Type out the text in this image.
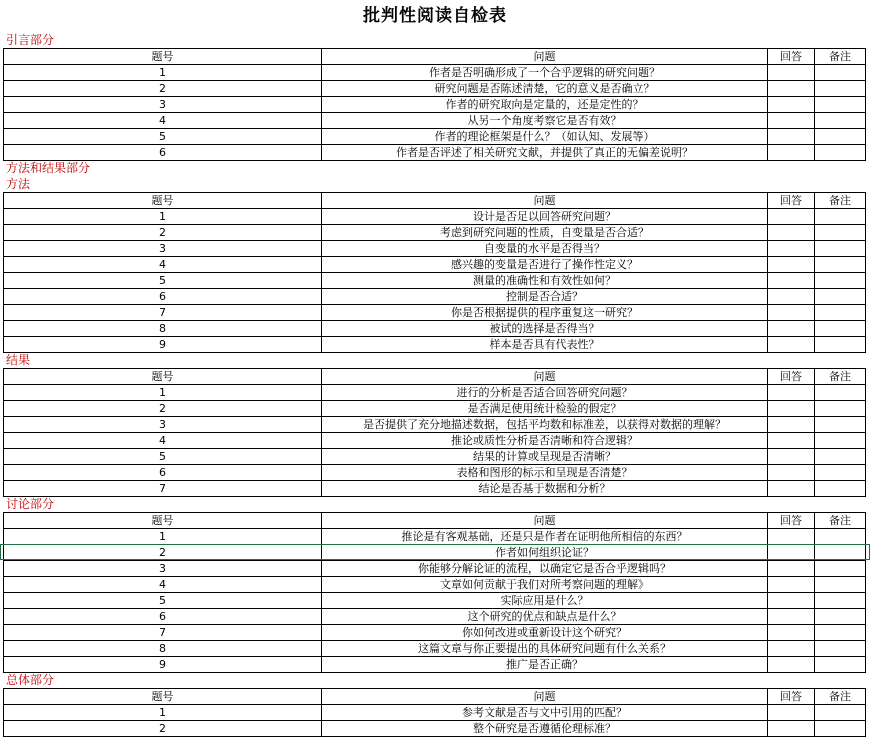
批判性阅读自检表
引言部分
题号	问题	回答	备注
1	作者是否明确形成了一个合乎逻辑的研究问题？
2	研究问题是否陈述清楚，它的意义是否确立？
3	作者的研究取向是定量的，还是定性的？
4	从另一个角度考察它是否有效？
5	作者的理论框架是什么？（如认知、发展等）
6	作者是否评述了相关研究文献，并提供了真正的无偏差说明？
方法和结果部分
方法
题号	问题	回答	备注
1	设计是否足以回答研究问题？
2	考虑到研究问题的性质，自变量是否合适？
3	自变量的水平是否得当？
4	感兴趣的变量是否进行了操作性定义？
5	测量的准确性和有效性如何？
6	控制是否合适？
7	你是否根据提供的程序重复这一研究？
8	被试的选择是否得当？
9	样本是否具有代表性？
结果
题号	问题	回答	备注
1	进行的分析是否适合回答研究问题？
2	是否满足使用统计检验的假定？
3	是否提供了充分地描述数据，包括平均数和标准差，以获得对数据的理解？
4	推论或质性分析是否清晰和符合逻辑？
5	结果的计算或呈现是否清晰？
6	表格和图形的标示和呈现是否清楚？
7	结论是否基于数据和分析？
讨论部分
题号	问题	回答	备注
1	推论是有客观基础，还是只是作者在证明他所相信的东西？
2	作者如何组织论证？
3	你能够分解论证的流程，以确定它是否合乎逻辑吗？
4	文章如何贡献于我们对所考察问题的理解》
5	实际应用是什么？
6	这个研究的优点和缺点是什么？
7	你如何改进或重新设计这个研究？
8	这篇文章与你正要提出的具体研究问题有什么关系？
9	推广是否正确？
总体部分
题号	问题	回答	备注
1	参考文献是否与文中引用的匹配？
2	整个研究是否遵循伦理标准？
